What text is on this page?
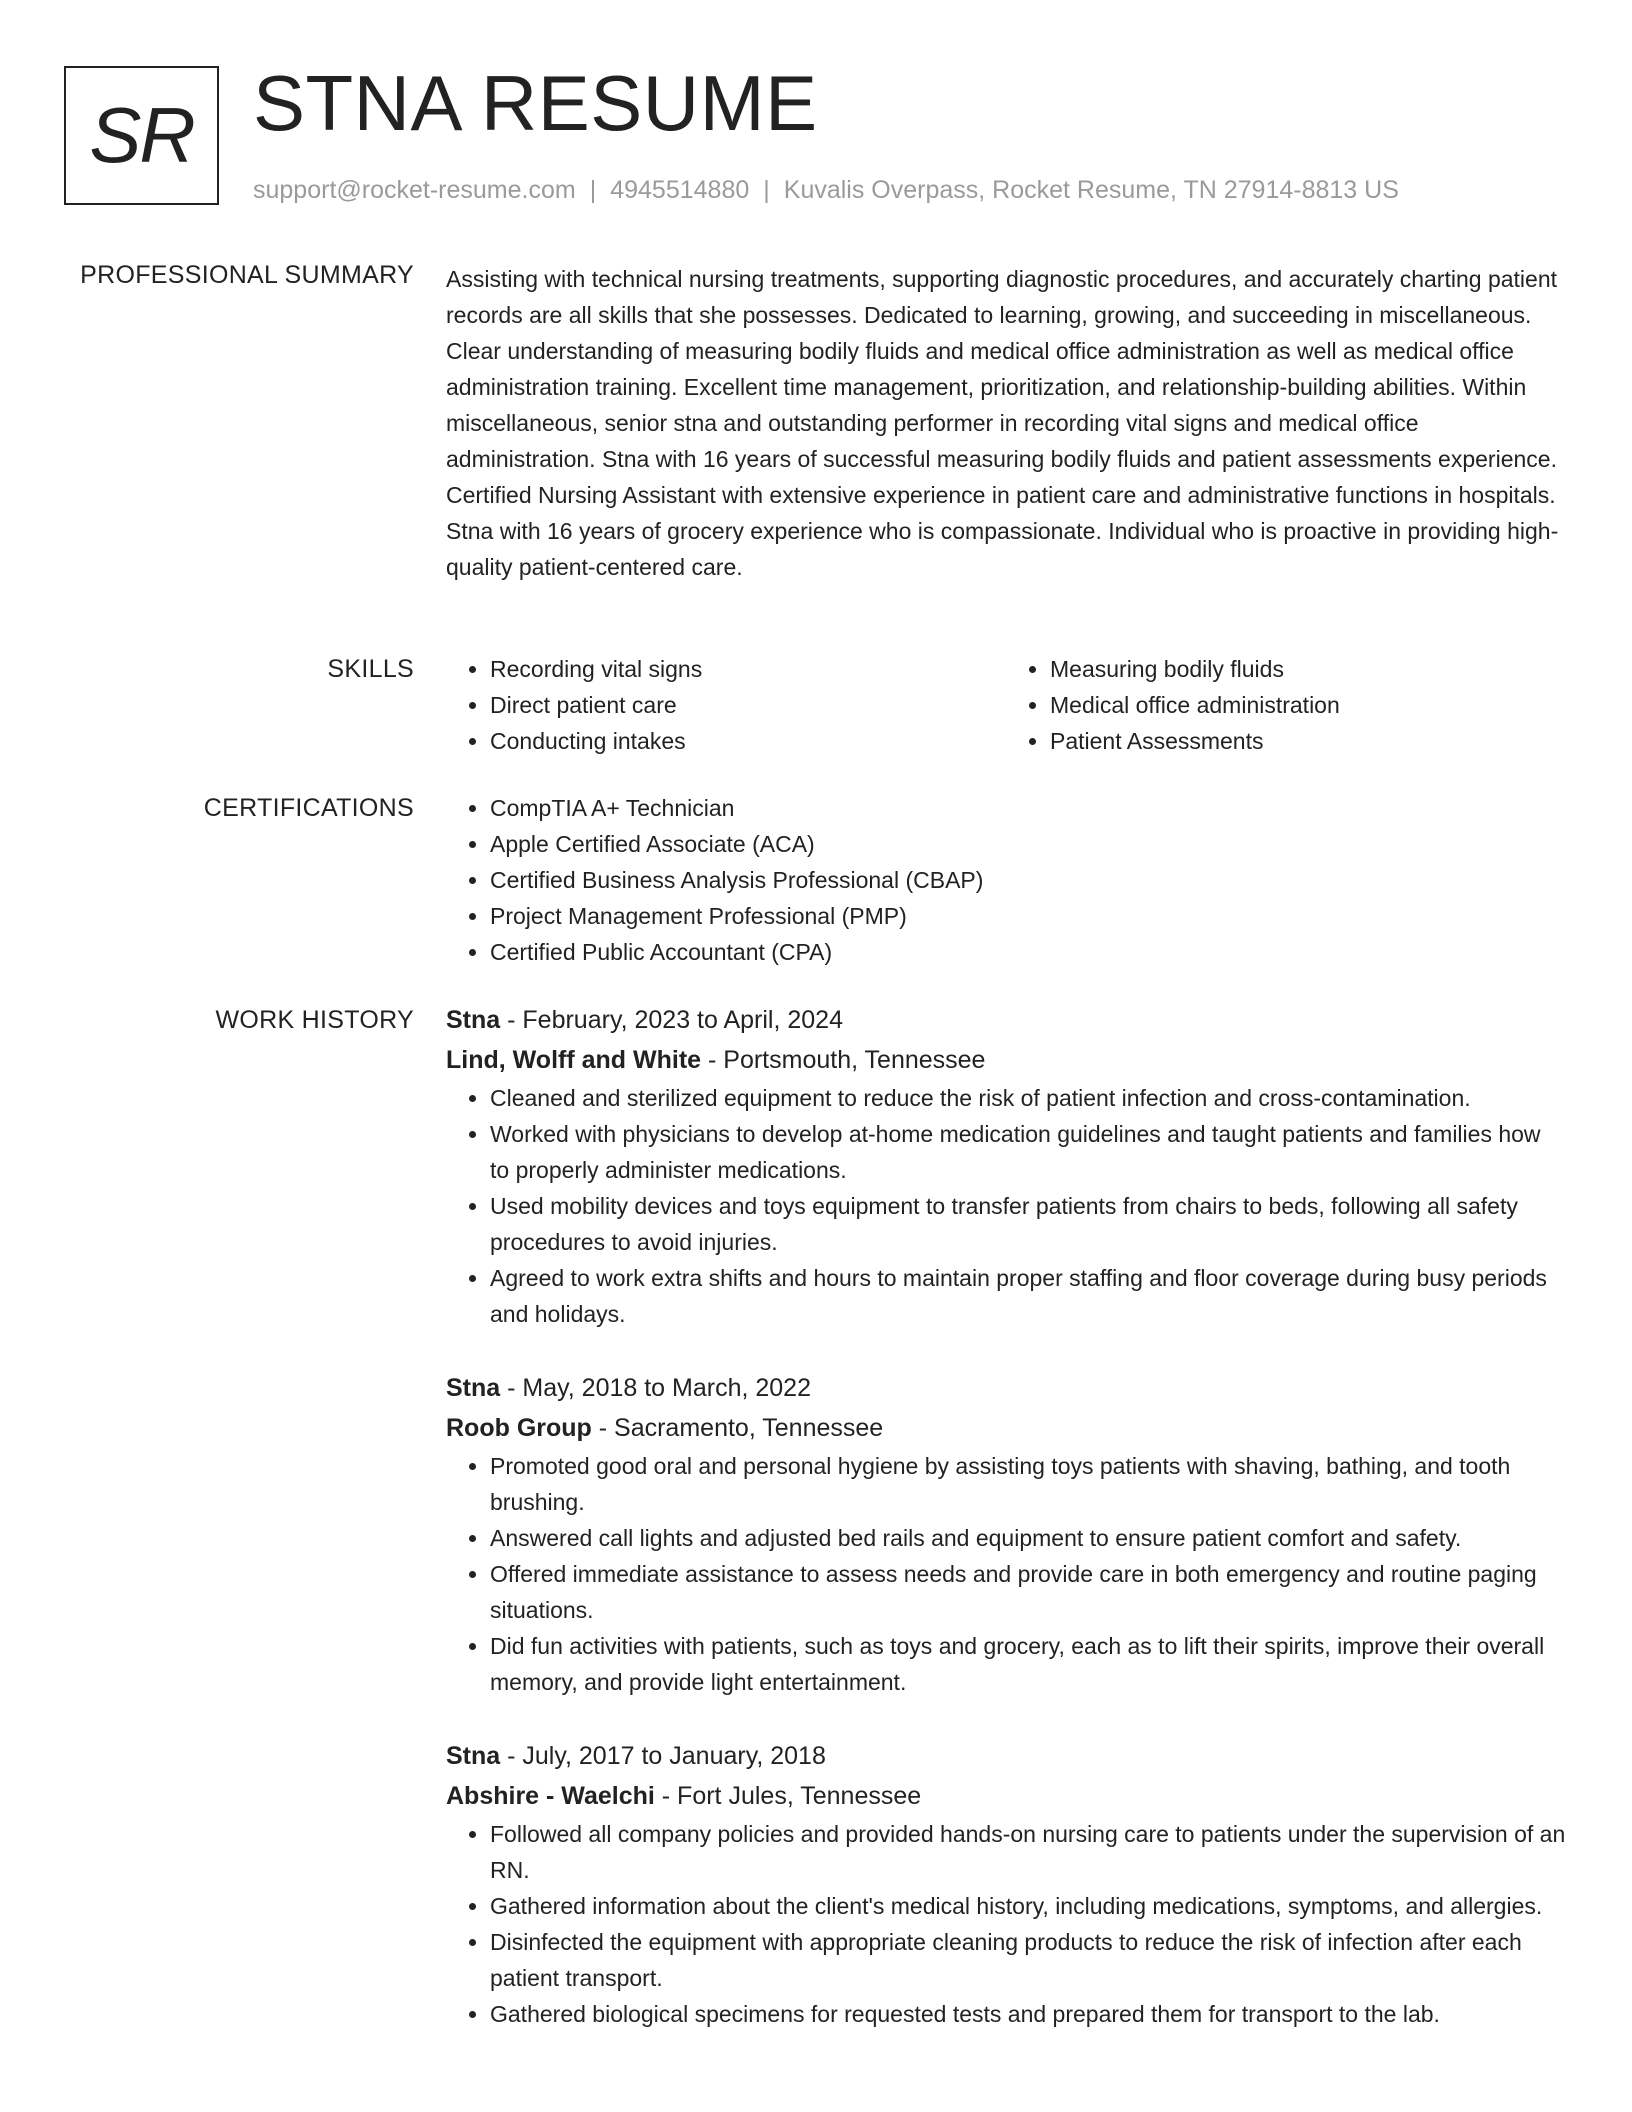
SR STNA RESUME
support@rocket-resume.com | 4945514880 | Kuvalis Overpass, Rocket Resume, TN 27914-8813 US
PROFESSIONAL SUMMARY Assisting with technical nursing treatments, supporting diagnostic procedures, and accurately charting patient records are all skills that she possesses. Dedicated to learning, growing, and succeeding in miscellaneous. Clear understanding of measuring bodily fluids and medical office administration as well as medical office administration training. Excellent time management, prioritization, and relationship-building abilities. Within miscellaneous, senior stna and outstanding performer in recording vital signs and medical office administration. Stna with 16 years of successful measuring bodily fluids and patient assessments experience. Certified Nursing Assistant with extensive experience in patient care and administrative functions in hospitals. Stna with 16 years of grocery experience who is compassionate. Individual who is proactive in providing high-quality patient-centered care.

SKILLS	• Recording vital signs
• Direct patient care
• Conducting intakes
• Measuring bodily fluids
• Medical office administration
• Patient Assessments
CERTIFICATIONS	• CompTIA A+ Technician
• Apple Certified Associate (ACA)
• Certified Business Analysis Professional (CBAP)
• Project Management Professional (PMP)
• Certified Public Accountant (CPA)
WORK HISTORY Stna - February, 2023 to April, 2024
Lind, Wolff and White - Portsmouth, Tennessee
• Cleaned and sterilized equipment to reduce the risk of patient infection and cross-contamination.
• Worked with physicians to develop at-home medication guidelines and taught patients and families how to properly administer medications.
• Used mobility devices and toys equipment to transfer patients from chairs to beds, following all safety procedures to avoid injuries.
• Agreed to work extra shifts and hours to maintain proper staffing and floor coverage during busy periods and holidays.
Stna - May, 2018 to March, 2022
Roob Group - Sacramento, Tennessee
• Promoted good oral and personal hygiene by assisting toys patients with shaving, bathing, and tooth brushing.
• Answered call lights and adjusted bed rails and equipment to ensure patient comfort and safety.
• Offered immediate assistance to assess needs and provide care in both emergency and routine paging situations.
• Did fun activities with patients, such as toys and grocery, each as to lift their spirits, improve their overall memory, and provide light entertainment.
Stna - July, 2017 to January, 2018
Abshire - Waelchi - Fort Jules, Tennessee
• Followed all company policies and provided hands-on nursing care to patients under the supervision of an RN.
• Gathered information about the client's medical history, including medications, symptoms, and allergies.
• Disinfected the equipment with appropriate cleaning products to reduce the risk of infection after each patient transport.
• Gathered biological specimens for requested tests and prepared them for transport to the lab.
